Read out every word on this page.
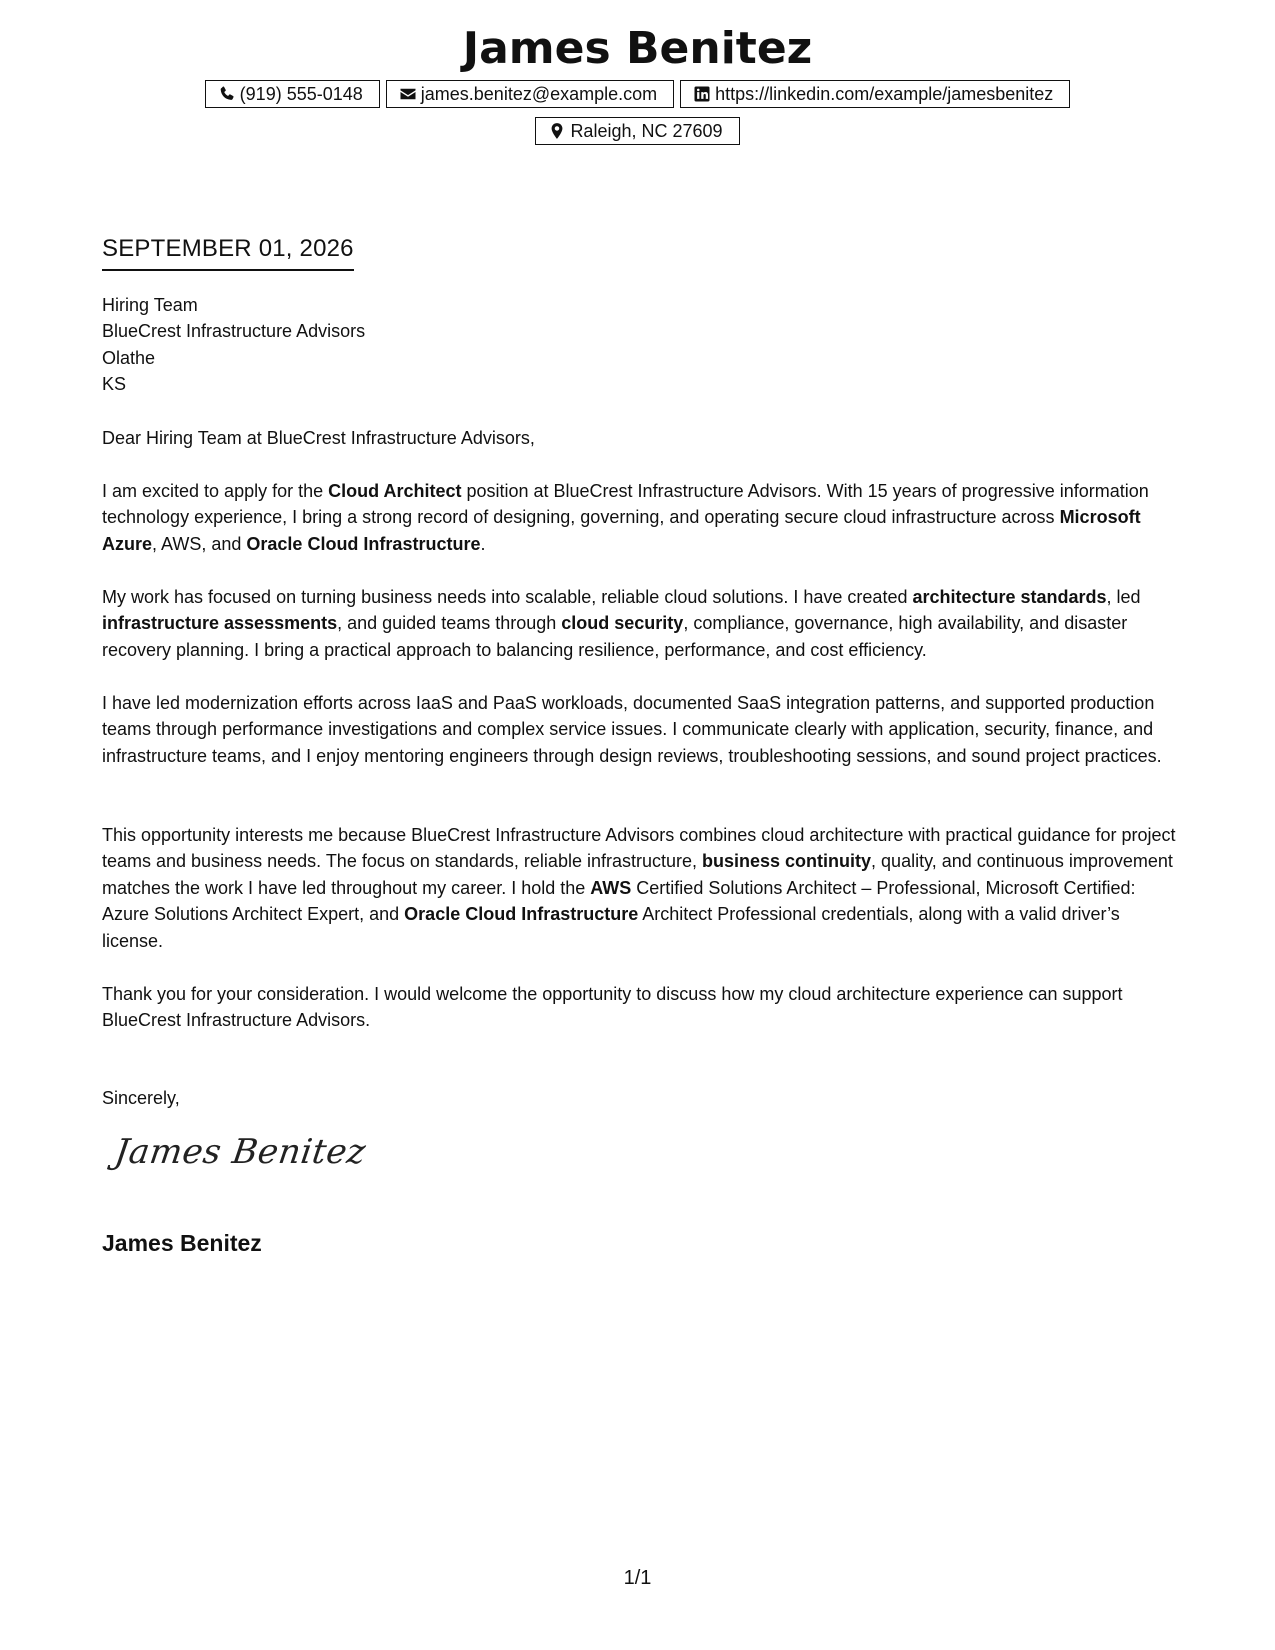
James Benitez
(919) 555-0148	james.benitez@example.com	https://linkedin.com/example/jamesbenitez
Raleigh, NC 27609
SEPTEMBER 01, 2026
Hiring Team
BlueCrest Infrastructure Advisors
Olathe
KS

Dear Hiring Team at BlueCrest Infrastructure Advisors,

I am excited to apply for the Cloud Architect position at BlueCrest Infrastructure Advisors. With 15 years of progressive information technology experience, I bring a strong record of designing, governing, and operating secure cloud infrastructure across Microsoft Azure, AWS, and Oracle Cloud Infrastructure.

My work has focused on turning business needs into scalable, reliable cloud solutions. I have created architecture standards, led infrastructure assessments, and guided teams through cloud security, compliance, governance, high availability, and disaster recovery planning. I bring a practical approach to balancing resilience, performance, and cost efficiency.

I have led modernization efforts across IaaS and PaaS workloads, documented SaaS integration patterns, and supported production teams through performance investigations and complex service issues. I communicate clearly with application, security, finance, and infrastructure teams, and I enjoy mentoring engineers through design reviews, troubleshooting sessions, and sound project practices.

This opportunity interests me because BlueCrest Infrastructure Advisors combines cloud architecture with practical guidance for project teams and business needs. The focus on standards, reliable infrastructure, business continuity, quality, and continuous improvement matches the work I have led throughout my career. I hold the AWS Certified Solutions Architect – Professional, Microsoft Certified: Azure Solutions Architect Expert, and Oracle Cloud Infrastructure Architect Professional credentials, along with a valid driver’s license.

Thank you for your consideration. I would welcome the opportunity to discuss how my cloud architecture experience can support BlueCrest Infrastructure Advisors.

Sincerely,

James Benitez
James Benitez
1/1
